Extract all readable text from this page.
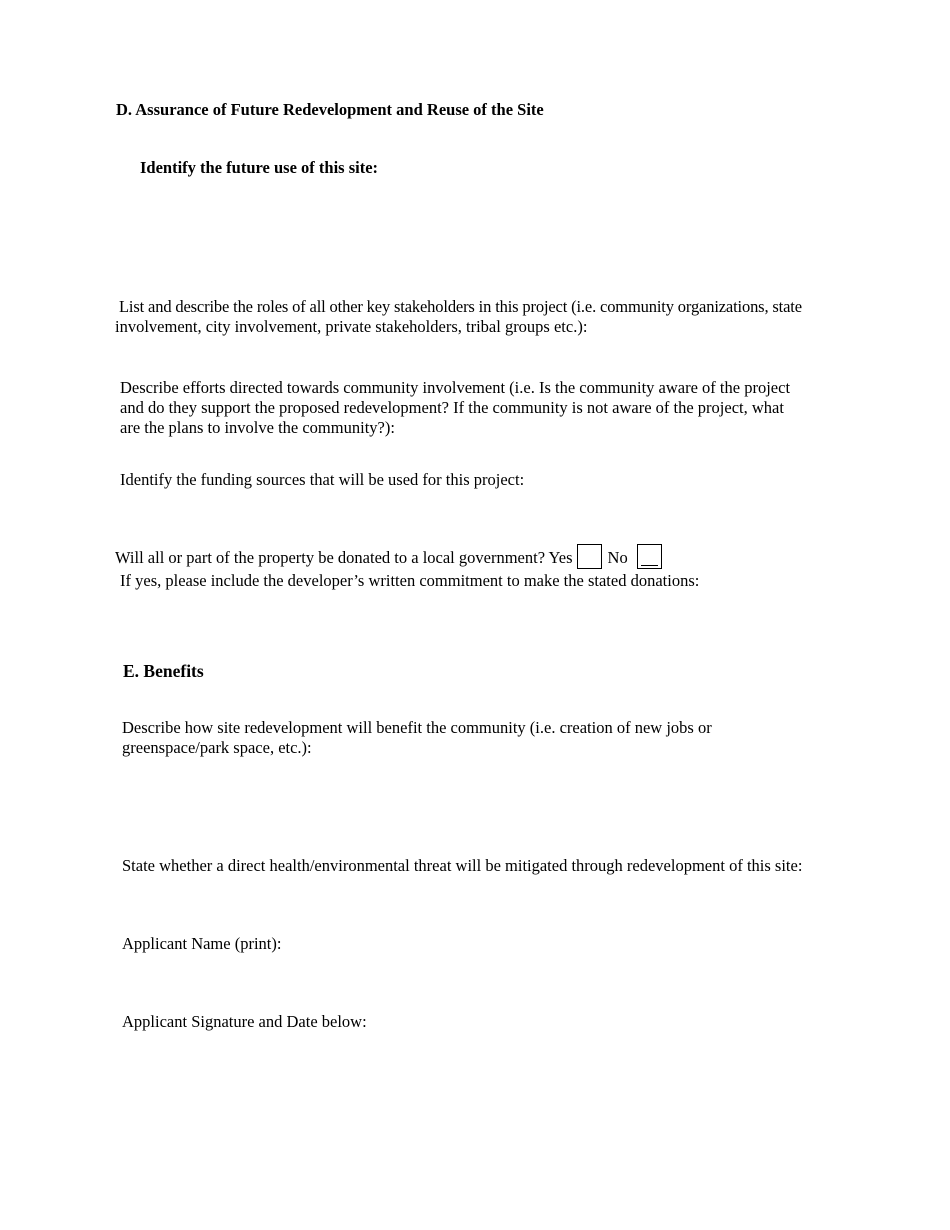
D. Assurance of Future Redevelopment and Reuse of the Site
Identify the future use of this site:
List and describe the roles of all other key stakeholders in this project (i.e. community organizations, state
involvement, city involvement, private stakeholders, tribal groups etc.):
Describe efforts directed towards community involvement (i.e. Is the community aware of the project
and do they support the proposed redevelopment? If the community is not aware of the project, what
are the plans to involve the community?):
Identify the funding sources that will be used for this project:
Will all or part of the property be donated to a local government? Yes No
If yes, please include the developer’s written commitment to make the stated donations:
E. Benefits
Describe how site redevelopment will benefit the community (i.e. creation of new jobs or
greenspace/park space, etc.):
State whether a direct health/environmental threat will be mitigated through redevelopment of this site:
Applicant Name (print):
Applicant Signature and Date below:
